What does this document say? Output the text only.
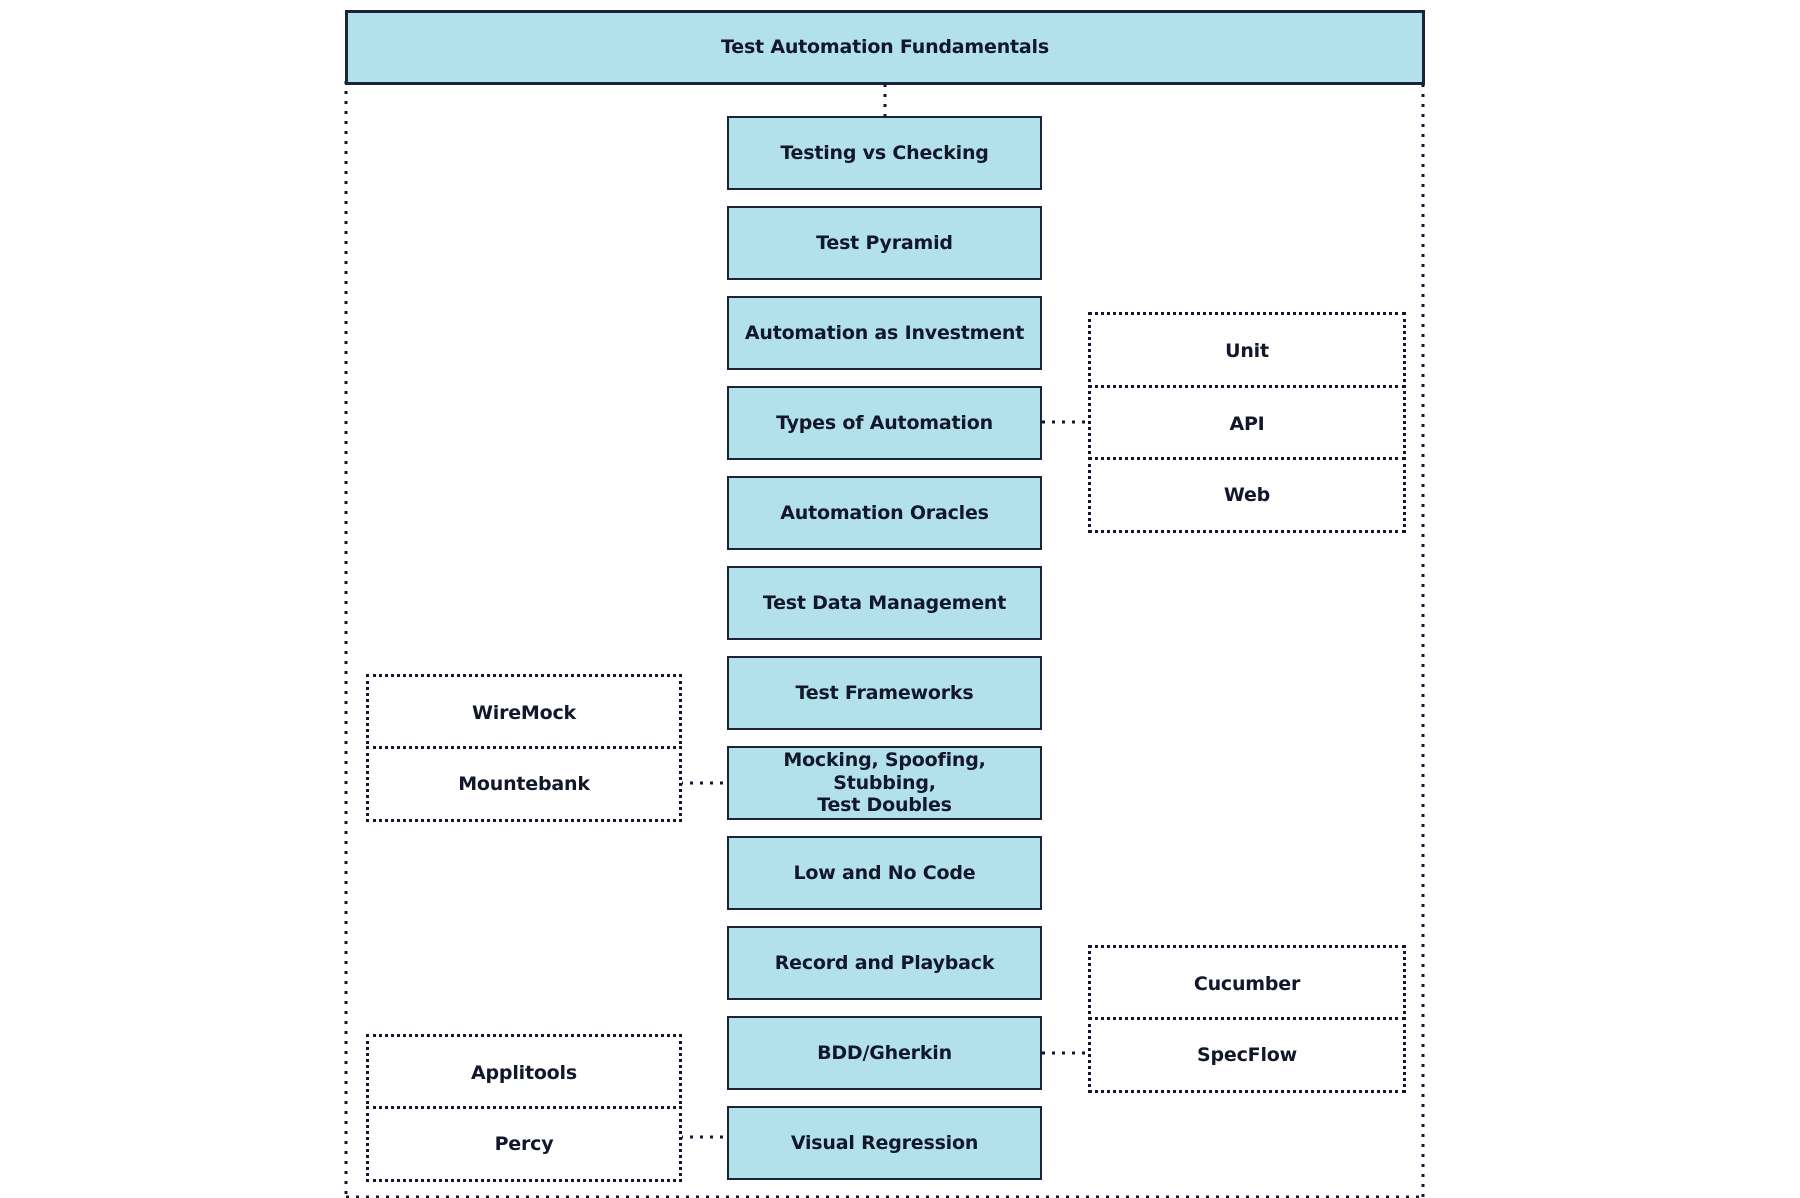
Test Automation Fundamentals
Testing vs Checking
Test Pyramid
Automation as Investment
Types of Automation
Automation Oracles
Test Data Management
Test Frameworks
Mocking, Spoofing, Stubbing,
Test Doubles
Low and No Code
Record and Playback
BDD/Gherkin
Visual Regression
Unit
API
Web
WireMock
Mountebank
Cucumber
SpecFlow
Applitools
Percy
